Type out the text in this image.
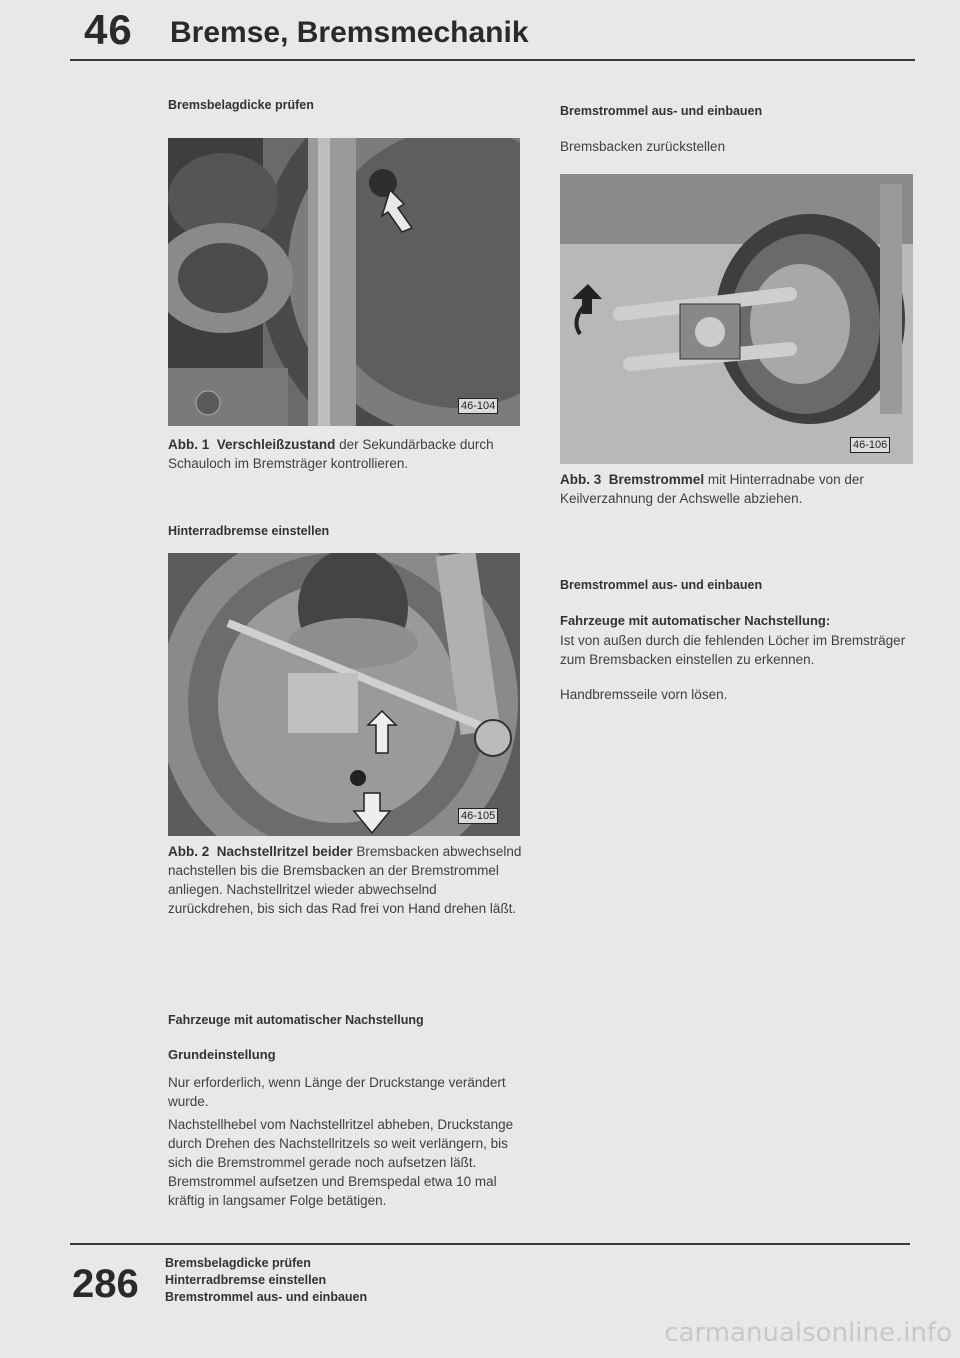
46 Bremse, Bremsmechanik
Bremsbelagdicke prüfen
46-104
Abb. 1 Verschleißzustand der Sekundärbacke durch Schauloch im Bremsträger kontrollieren.
Hinterradbremse einstellen
46-105
Abb. 2 Nachstellritzel beider Bremsbacken abwechselnd nachstellen bis die Bremsbacken an der Bremstrommel anliegen. Nachstellritzel wieder abwechselnd zurückdrehen, bis sich das Rad frei von Hand drehen läßt.
Fahrzeuge mit automatischer Nachstellung
Grundeinstellung
Nur erforderlich, wenn Länge der Druckstange verändert wurde.
Nachstellhebel vom Nachstellritzel abheben, Druckstange durch Drehen des Nachstellritzels so weit verlängern, bis sich die Bremstrommel gerade noch aufsetzen läßt. Bremstrommel aufsetzen und Bremspedal etwa 10 mal kräftig in langsamer Folge betätigen.
Bremstrommel aus- und einbauen
Bremsbacken zurückstellen
46-106
Abb. 3 Bremstrommel mit Hinterradnabe von der Keilverzahnung der Achswelle abziehen.
Bremstrommel aus- und einbauen
Fahrzeuge mit automatischer Nachstellung:
Ist von außen durch die fehlenden Löcher im Bremsträger zum Bremsbacken einstellen zu erkennen.
Handbremsseile vorn lösen.
286 Bremsbelagdicke prüfen
Hinterradbremse einstellen
Bremstrommel aus- und einbauen
carmanualsonline.info
